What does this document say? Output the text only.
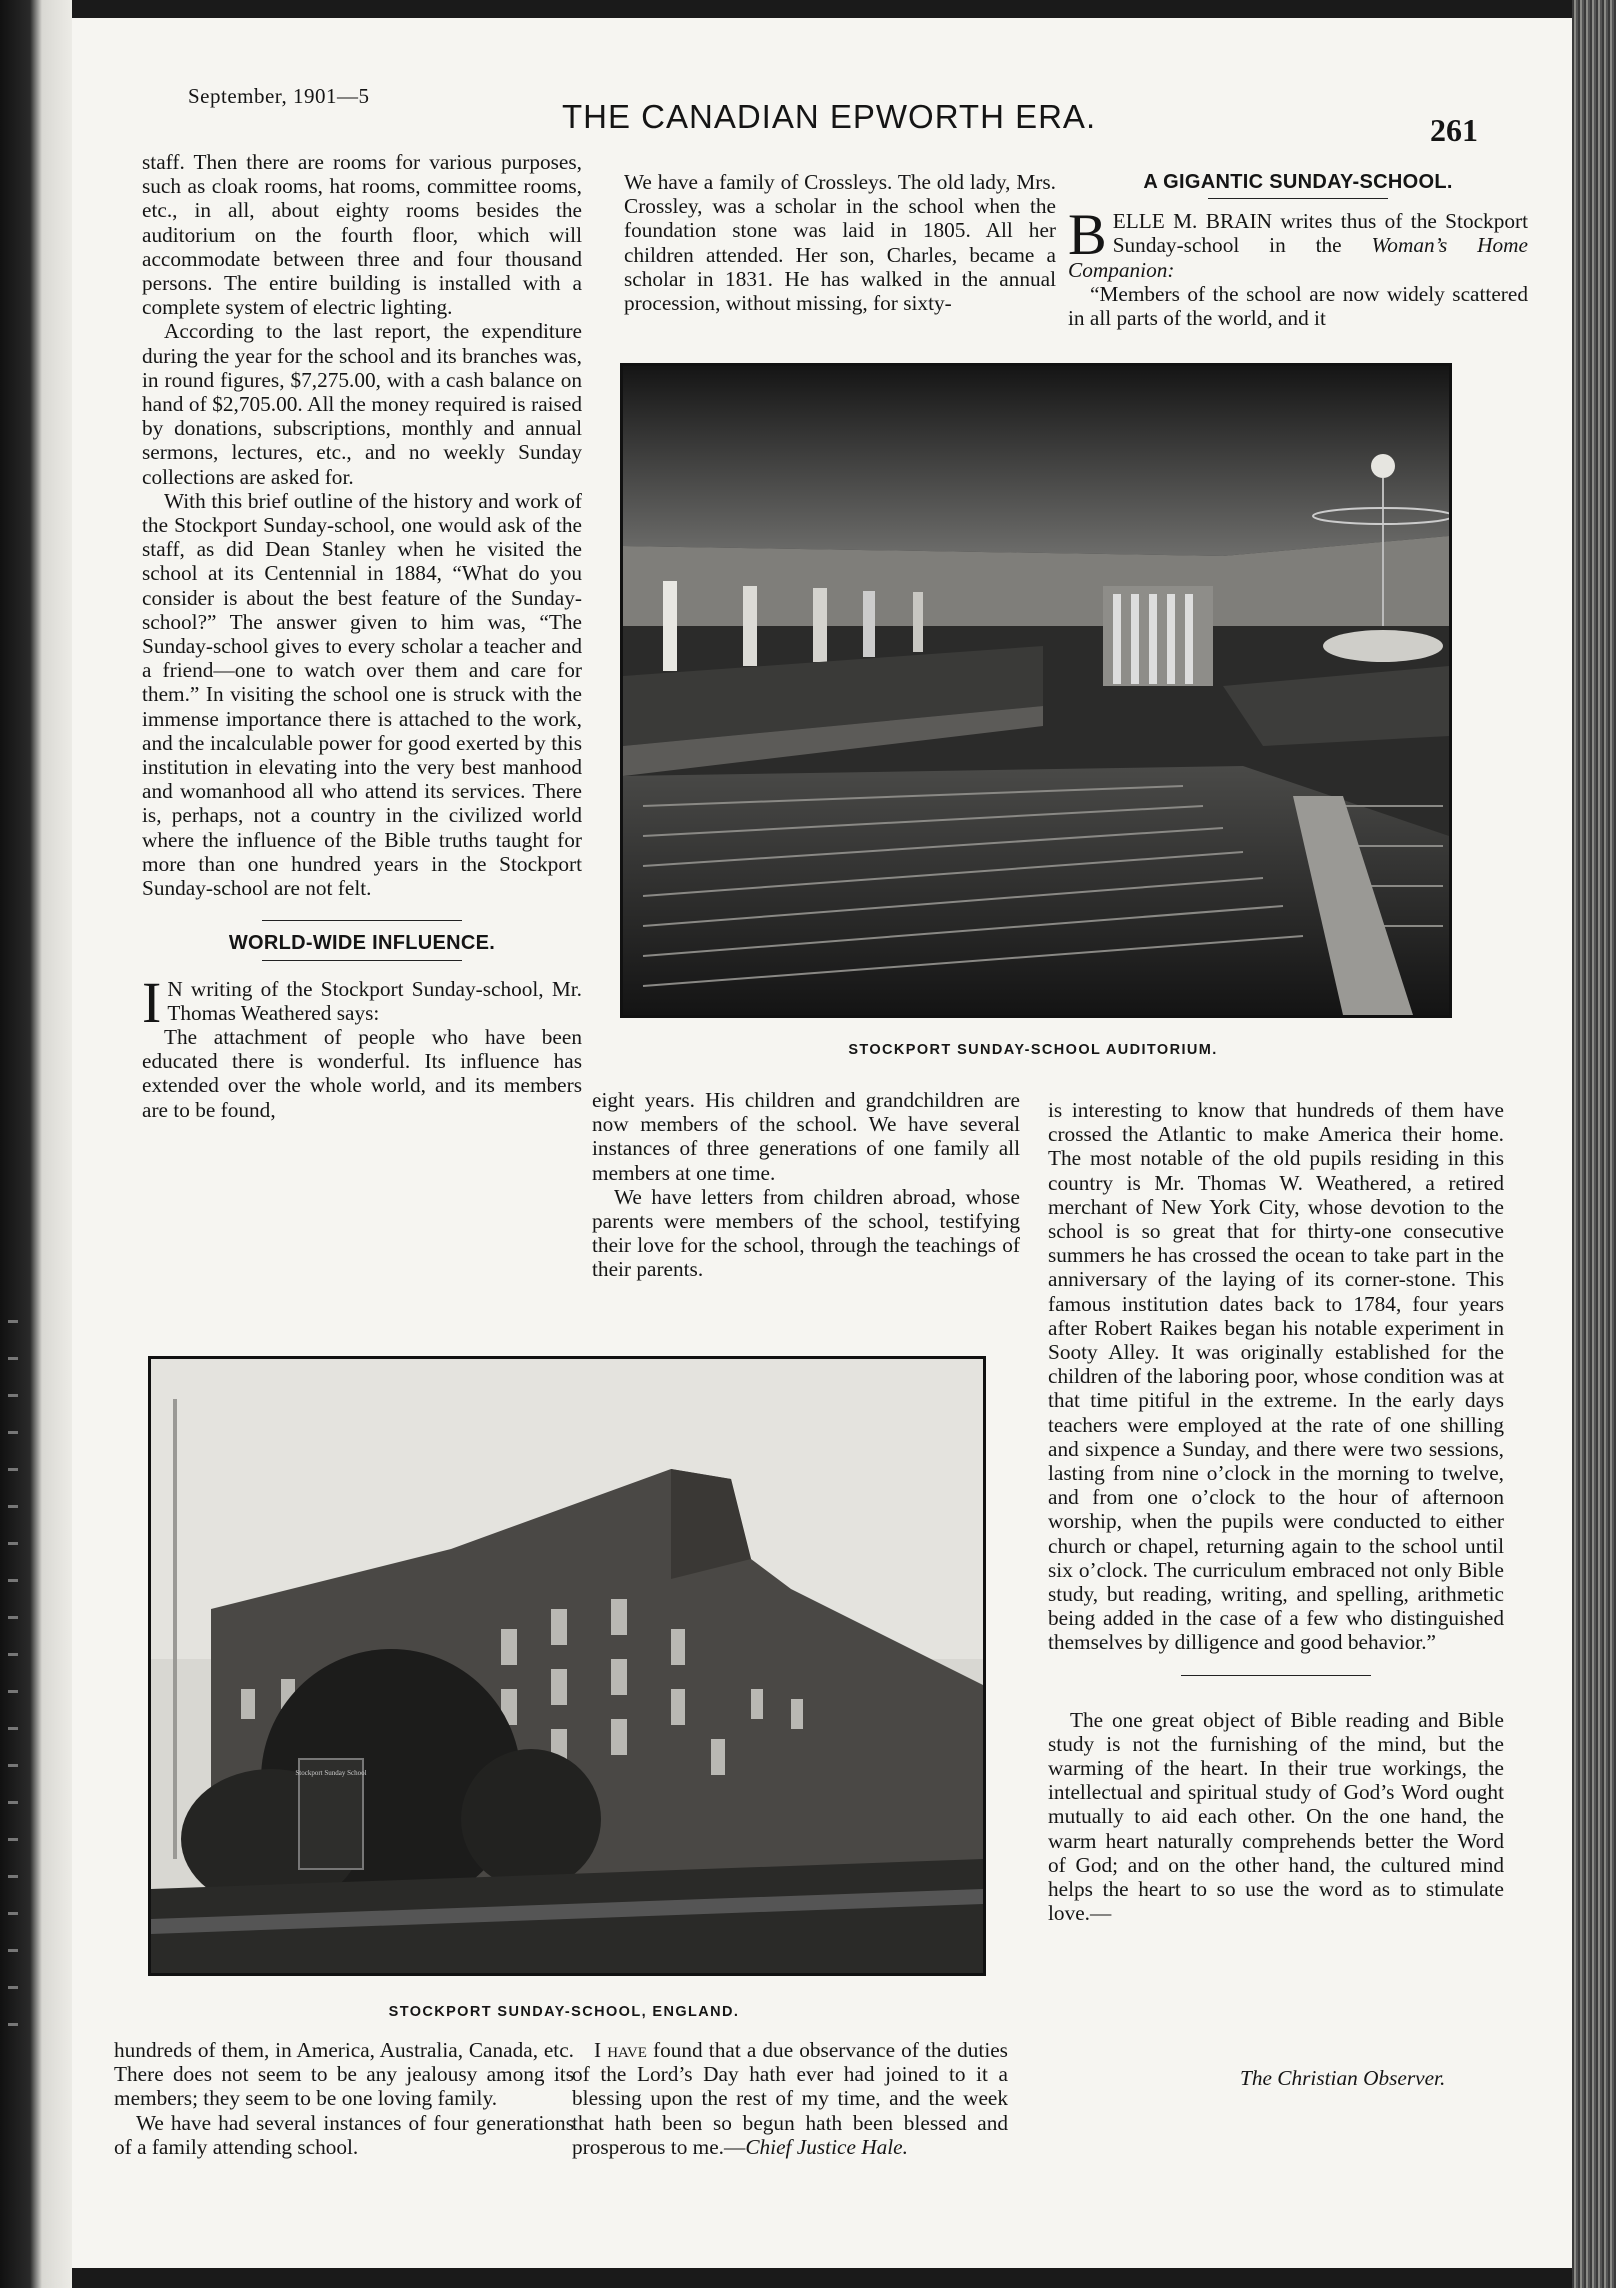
September, 1901—5
THE CANADIAN EPWORTH ERA.	261

staff. Then there are rooms for various purposes, such as cloak rooms, hat rooms, committee rooms, etc., in all, about eighty rooms besides the auditorium on the fourth floor, which will accommodate between three and four thousand persons. The entire building is installed with a complete system of electric lighting.

According to the last report, the expenditure during the year for the school and its branches was, in round figures, $7,275.00, with a cash balance on hand of $2,705.00. All the money required is raised by donations, subscriptions, monthly and annual sermons, lectures, etc., and no weekly Sunday collections are asked for.

With this brief outline of the history and work of the Stockport Sunday-school, one would ask of the staff, as did Dean Stanley when he visited the school at its Centennial in 1884, “What do you consider is about the best feature of the Sunday-school?” The answer given to him was, “The Sunday-school gives to every scholar a teacher and a friend—one to watch over them and care for them.” In visiting the school one is struck with the immense importance there is attached to the work, and the incalculable power for good exerted by this institution in elevating into the very best manhood and womanhood all who attend its services. There is, perhaps, not a country in the civilized world where the influence of the Bible truths taught for more than one hundred years in the Stockport Sunday-school are not felt.

WORLD-WIDE INFLUENCE.

I N writing of the Stockport Sunday-school, Mr. Thomas Weathered says:

The attachment of people who have been educated there is wonderful. Its influence has extended over the whole world, and its members are to be found,

We have a family of Crossleys. The old lady, Mrs. Crossley, was a scholar in the school when the foundation stone was laid in 1805. All her children attended. Her son, Charles, became a scholar in 1831. He has walked in the annual procession, without missing, for sixty-

A GIGANTIC SUNDAY-SCHOOL.

BELLE M. BRAIN writes thus of the Stockport Sunday-school in the Woman’s Home Companion:

“Members of the school are now widely scattered in all parts of the world, and it

STOCKPORT SUNDAY-SCHOOL AUDITORIUM.

eight years. His children and grandchildren are now members of the school. We have several instances of three generations of one family all members at one time.

We have letters from children abroad, whose parents were members of the school, testifying their love for the school, through the teachings of their parents.

is interesting to know that hundreds of them have crossed the Atlantic to make America their home. The most notable of the old pupils residing in this country is Mr. Thomas W. Weathered, a retired merchant of New York City, whose devotion to the school is so great that for thirty-one consecutive summers he has crossed the ocean to take part in the anniversary of the laying of its corner-stone. This famous institution dates back to 1784, four years after Robert Raikes began his notable experiment in Sooty Alley. It was originally established for the children of the laboring poor, whose condition was at that time pitiful in the extreme. In the early days teachers were employed at the rate of one shilling and sixpence a Sunday, and there were two sessions, lasting from nine o’clock in the morning to twelve, and from one o’clock to the hour of afternoon worship, when the pupils were conducted to either church or chapel, returning again to the school until six o’clock. The curriculum embraced not only Bible study, but reading, writing, and spelling, arithmetic being added in the case of a few who distinguished themselves by dilligence and good behavior.”

The one great object of Bible reading and Bible study is not the furnishing of the mind, but the warming of the heart. In their true workings, the intellectual and spiritual study of God’s Word ought mutually to aid each other. On the one hand, the warm heart naturally comprehends better the Word of God; and on the other hand, the cultured mind helps the heart to so use the word as to stimulate love.—

The Christian Observer.
Stockport Sunday School
STOCKPORT SUNDAY-SCHOOL, ENGLAND.

hundreds of them, in America, Australia, Canada, etc. There does not seem to be any jealousy among its members; they seem to be one loving family.

We have had several instances of four generations of a family attending school.

I have found that a due observance of the duties of the Lord’s Day hath ever had joined to it a blessing upon the rest of my time, and the week that hath been so begun hath been blessed and prosperous to me.—Chief Justice Hale.
